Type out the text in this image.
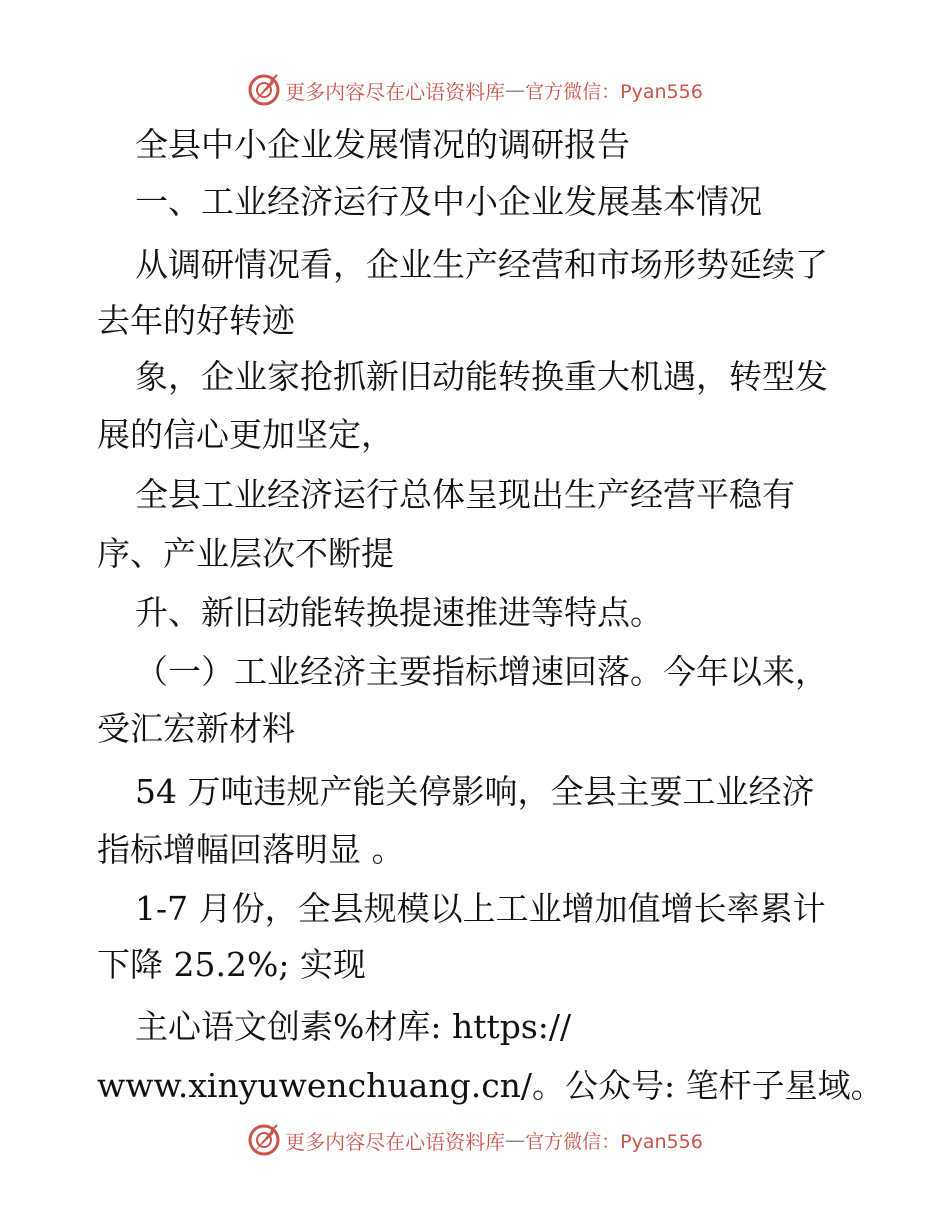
更多内容尽在心语资料库 — 官方微信：Pyan556
全县中小企业发展情况的调研报告
一、工业经济运行及中小企业发展基本情况
从调研情况看，企业生产经营和市场形势延续了
去年的好转迹
象，企业家抢抓新旧动能转换重大机遇，转型发
展的信心更加坚定，
全县工业经济运行总体呈现出生产经营平稳有
序、产业层次不断提
升、新旧动能转换提速推进等特点。
（一）工业经济主要指标增速回落。今年以来，
受汇宏新材料
54 万吨违规产能关停影响，全县主要工业经济
指标增幅回落明显 。
1-7 月份，全县规模以上工业增加值增长率累计
下降 25.2%; 实现
主心语文创素%材库: https://
www.xinyuwenchuang.cn/。公众号: 笔杆子星域。
更多内容尽在心语资料库 — 官方微信：Pyan556
